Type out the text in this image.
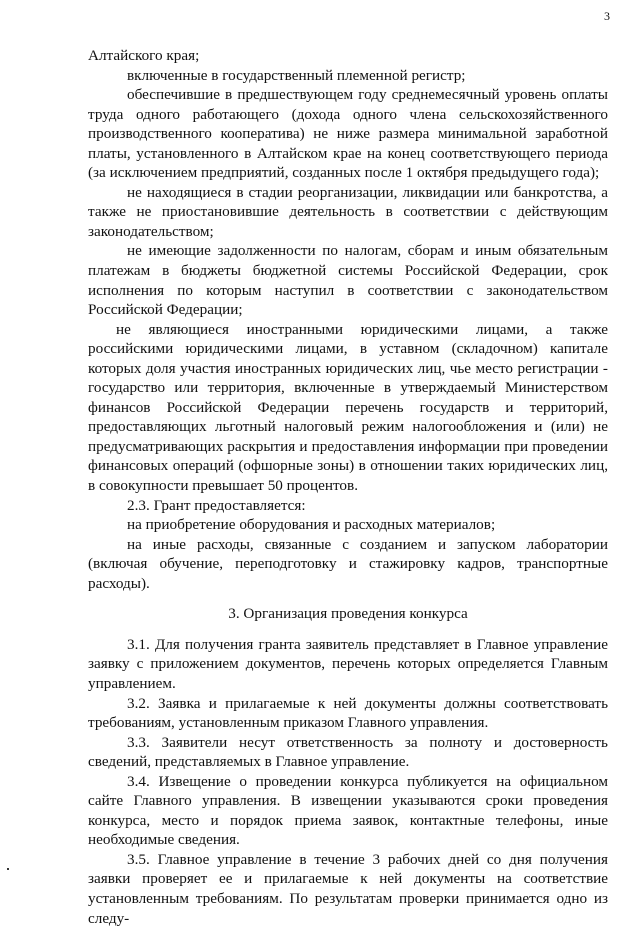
3

Алтайского края;

включенные в государственный племенной регистр;

обеспечившие в предшествующем году среднемесячный уровень оплаты труда одного работающего (дохода одного члена сельскохозяйственного производственного кооператива) не ниже размера минимальной заработной платы, установленного в Алтайском крае на конец соответствующего периода (за исключением предприятий, созданных после 1 октября предыдущего года);

не находящиеся в стадии реорганизации, ликвидации или банкротства, а также не приостановившие деятельность в соответствии с действующим законодательством;

не имеющие задолженности по налогам, сборам и иным обязательным платежам в бюджеты бюджетной системы Российской Федерации, срок исполнения по которым наступил в соответствии с законодательством Российской Федерации;

не являющиеся иностранными юридическими лицами, а также российскими юридическими лицами, в уставном (складочном) капитале которых доля участия иностранных юридических лиц, чье место регистрации - государство или территория, включенные в утверждаемый Министерством финансов Российской Федерации перечень государств и территорий, предоставляющих льготный налоговый режим налогообложения и (или) не предусматривающих раскрытия и предоставления информации при проведении финансовых операций (офшорные зоны) в отношении таких юридических лиц, в совокупности превышает 50 процентов.

2.3. Грант предоставляется:

на приобретение оборудования и расходных материалов;

на иные расходы, связанные с созданием и запуском лаборатории (включая обучение, переподготовку и стажировку кадров, транспортные расходы).

3. Организация проведения конкурса

3.1. Для получения гранта заявитель представляет в Главное управление заявку с приложением документов, перечень которых определяется Главным управлением.

3.2. Заявка и прилагаемые к ней документы должны соответствовать требованиям, установленным приказом Главного управления.

3.3. Заявители несут ответственность за полноту и достоверность сведений, представляемых в Главное управление.

3.4. Извещение о проведении конкурса публикуется на официальном сайте Главного управления. В извещении указываются сроки проведения конкурса, место и порядок приема заявок, контактные телефоны, иные необходимые сведения.

3.5. Главное управление в течение 3 рабочих дней со дня получения заявки проверяет ее и прилагаемые к ней документы на соответствие установленным требованиям. По результатам проверки принимается одно из следу-
